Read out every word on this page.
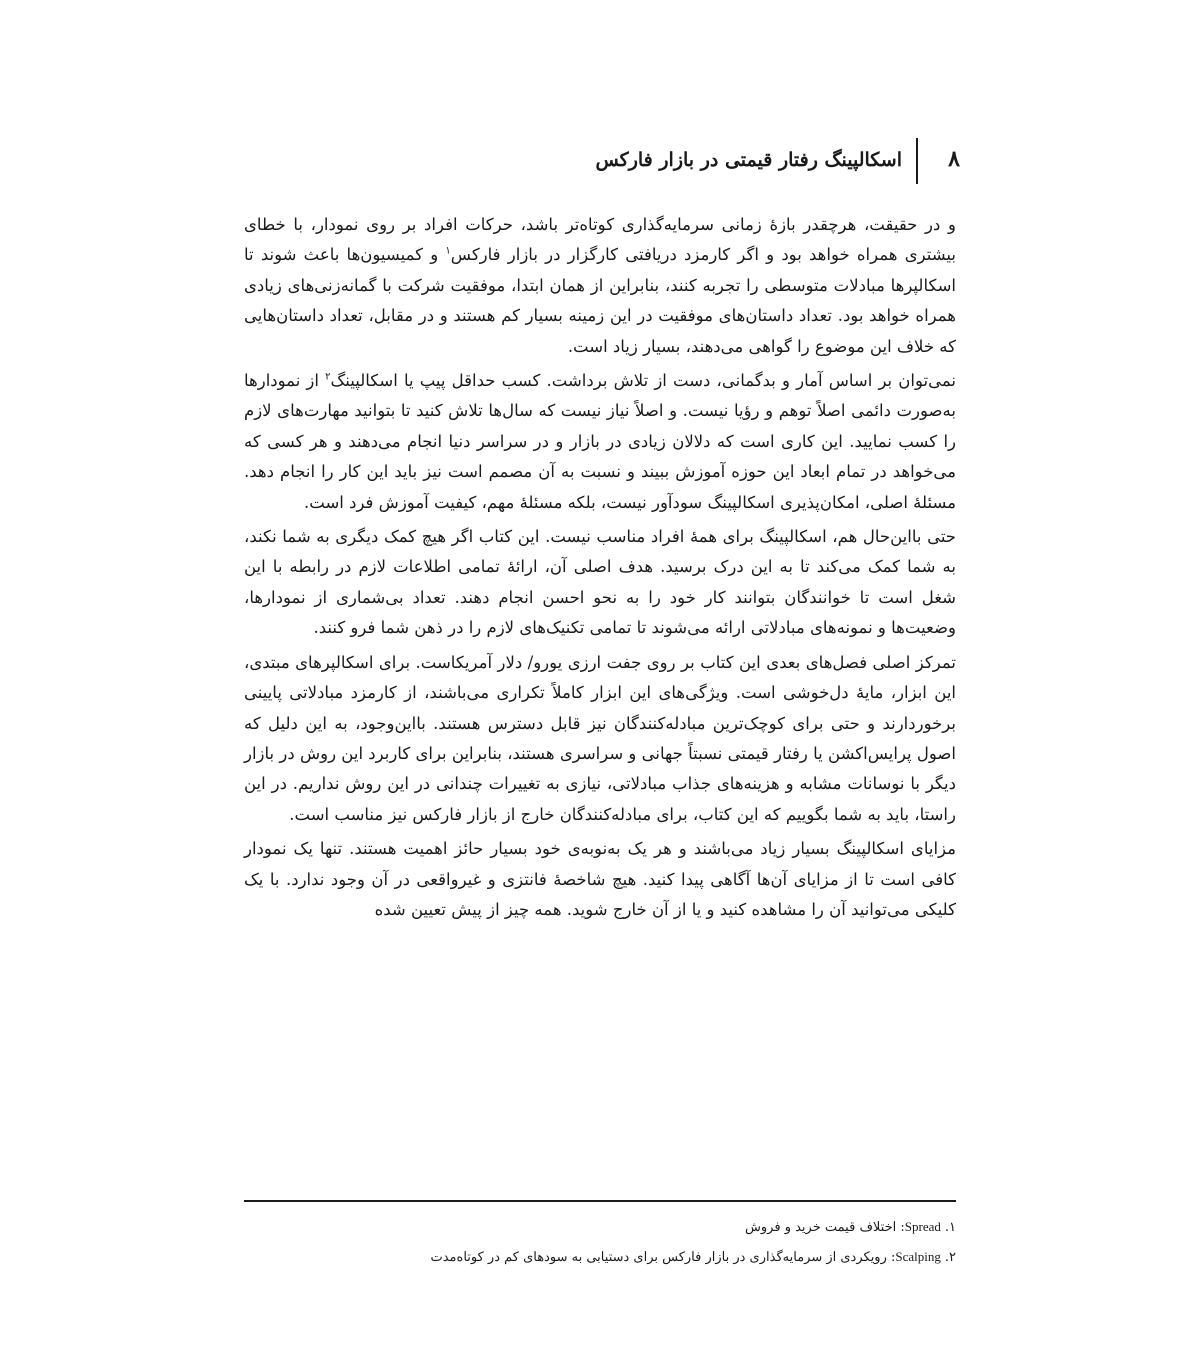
۸
اسکالپینگ رفتار قیمتی در بازار فارکس

و در حقیقت، هرچقدر بازهٔ زمانی سرمایه‌گذاری کوتاه‌تر باشد، حرکات افراد بر روی نمودار، با خطای بیشتری همراه خواهد بود و اگر کارمزد دریافتی کارگزار در بازار فارکس$^۱$ و کمیسیون‌ها باعث شوند تا اسکالپرها مبادلات متوسطی را تجربه کنند، بنابراین از همان ابتدا، موفقیت شرکت با گمانه‌زنی‌های زیادی همراه خواهد بود. تعداد داستان‌های موفقیت در این زمینه بسیار کم هستند و در مقابل، تعداد داستان‌هایی که خلاف این موضوع را گواهی می‌دهند، بسیار زیاد است.

نمی‌توان بر اساس آمار و بدگمانی، دست از تلاش برداشت. کسب حداقل پیپ یا اسکالپینگ$^۲$ از نمودارها به‌صورت دائمی اصلاً توهم و رؤیا نیست. و اصلاً نیاز نیست که سال‌ها تلاش کنید تا بتوانید مهارت‌های لازم را کسب نمایید. این کاری است که دلالان زیادی در بازار و در سراسر دنیا انجام می‌دهند و هر کسی که می‌خواهد در تمام ابعاد این حوزه آموزش ببیند و نسبت به آن مصمم است نیز باید این کار را انجام دهد. مسئلهٔ اصلی، امکان‌پذیری اسکالپینگ سودآور نیست، بلکه مسئلهٔ مهم، کیفیت آموزش فرد است.

حتی بااین‌حال هم، اسکالپینگ برای همهٔ افراد مناسب نیست. این کتاب اگر هیچ کمک دیگری به شما نکند، به شما کمک می‌کند تا به این درک برسید. هدف اصلی آن، ارائهٔ تمامی اطلاعات لازم در رابطه با این شغل است تا خوانندگان بتوانند کار خود را به نحو احسن انجام دهند. تعداد بی‌شماری از نمودارها، وضعیت‌ها و نمونه‌های مبادلاتی ارائه می‌شوند تا تمامی تکنیک‌های لازم را در ذهن شما فرو کنند.

تمرکز اصلی فصل‌های بعدی این کتاب بر روی جفت ارزی یورو/ دلار آمریکاست. برای اسکالپرهای مبتدی، این ابزار، مایهٔ دل‌خوشی است. ویژگی‌های این ابزار کاملاً تکراری می‌باشند، از کارمزد مبادلاتی پایینی برخوردارند و حتی برای کوچک‌ترین مبادله‌کنندگان نیز قابل دسترس هستند. بااین‌وجود، به این دلیل که اصول پرایس‌اکشن یا رفتار قیمتی نسبتاً جهانی و سراسری هستند، بنابراین برای کاربرد این روش در بازار دیگر با نوسانات مشابه و هزینه‌های جذاب مبادلاتی، نیازی به تغییرات چندانی در این روش نداریم. در این راستا، باید به شما بگوییم که این کتاب، برای مبادله‌کنندگان خارج از بازار فارکس نیز مناسب است.

مزایای اسکالپینگ بسیار زیاد می‌باشند و هر یک به‌نوبه‌ی خود بسیار حائز اهمیت هستند. تنها یک نمودار کافی است تا از مزایای آن‌ها آگاهی پیدا کنید. هیچ شاخصهٔ فانتزی و غیرواقعی در آن وجود ندارد. با یک کلیکی می‌توانید آن را مشاهده کنید و یا از آن خارج شوید. همه چیز از پیش تعیین شده

۱.Spread: اختلاف قیمت خرید و فروش
۲.Scalping: رویکردی از سرمایه‌گذاری در بازار فارکس برای دستیابی به سودهای کم در کوتاه‌مدت
